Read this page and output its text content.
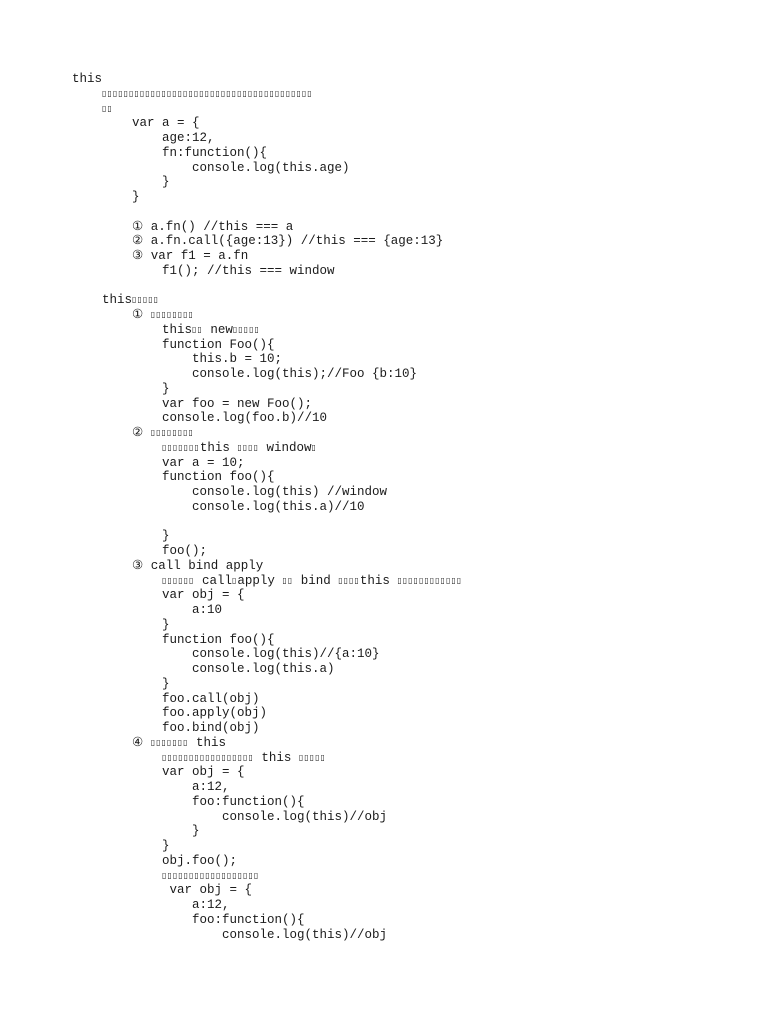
this
▯▯▯▯▯▯▯▯▯▯▯▯▯▯▯▯▯▯▯▯▯▯▯▯▯▯▯▯▯▯▯▯▯▯▯▯▯▯▯
▯▯
var a = {
age:12,
fn:function(){
console.log(this.age)
}
}
① a.fn() //this === a
② a.fn.call({age:13}) //this === {age:13}
③ var f1 = a.fn
f1(); //this === window
this▯▯▯▯▯
① ▯▯▯▯▯▯▯▯
this▯▯ new▯▯▯▯▯
function Foo(){
this.b = 10;
console.log(this);//Foo {b:10}
}
var foo = new Foo();
console.log(foo.b)//10
② ▯▯▯▯▯▯▯▯
▯▯▯▯▯▯▯this ▯▯▯▯ window▯
var a = 10;
function foo(){
console.log(this) //window
console.log(this.a)//10
}
foo();
③ call bind apply
▯▯▯▯▯▯ call▯apply ▯▯ bind ▯▯▯▯this ▯▯▯▯▯▯▯▯▯▯▯▯
var obj = {
a:10
}
function foo(){
console.log(this)//{a:10}
console.log(this.a)
}
foo.call(obj)
foo.apply(obj)
foo.bind(obj)
④ ▯▯▯▯▯▯▯ this
▯▯▯▯▯▯▯▯▯▯▯▯▯▯▯▯▯ this ▯▯▯▯▯
var obj = {
a:12,
foo:function(){
console.log(this)//obj
}
}
obj.foo();
▯▯▯▯▯▯▯▯▯▯▯▯▯▯▯▯▯▯
var obj = {
a:12,
foo:function(){
console.log(this)//obj
